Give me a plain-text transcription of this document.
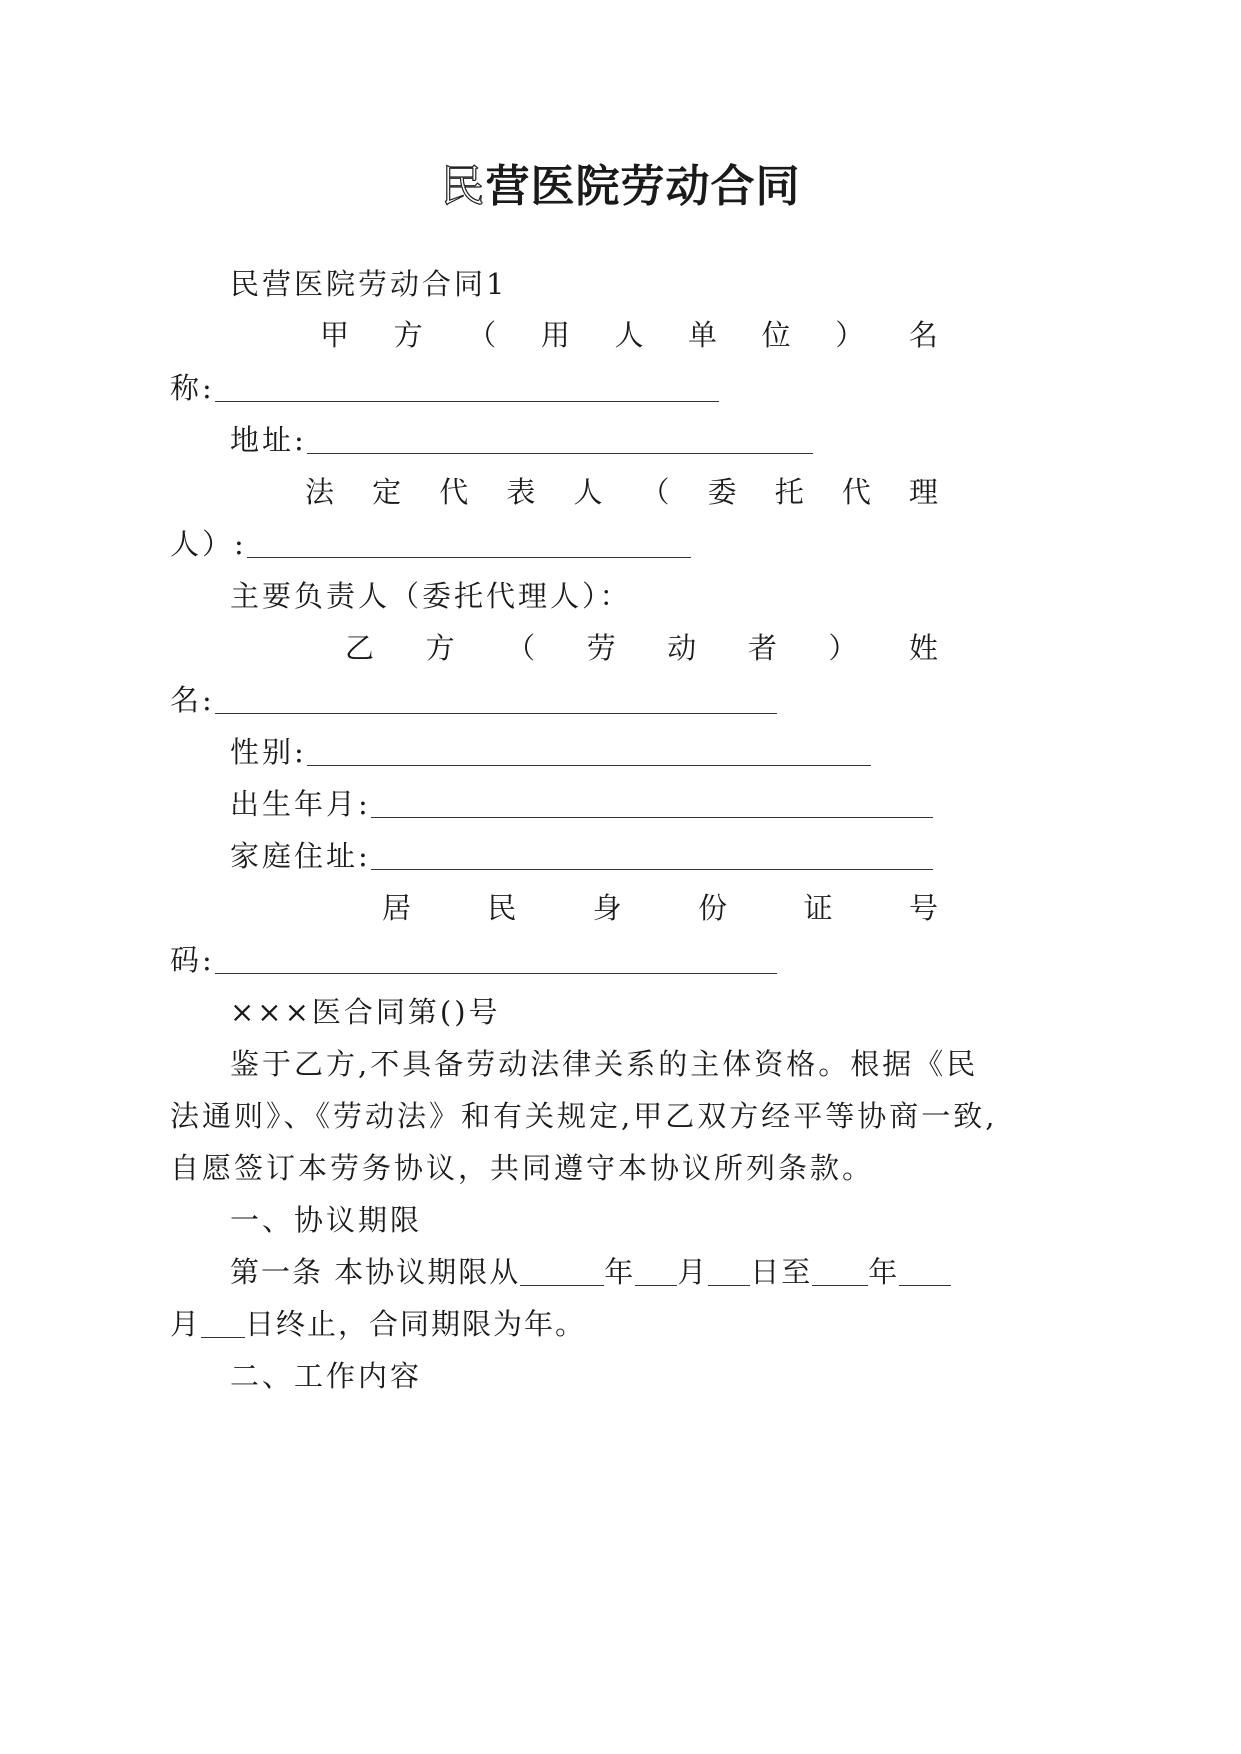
民营医院劳动合同
民营医院劳动合同1
甲 方 （ 用 人 单 位 ） 名
称:
地址:
法 定 代 表 人 （ 委 托 代 理
人）:
主要负责人（委托代理人）：
乙 方 （ 劳 动 者 ） 姓
名:
性别:
出生年月:
家庭住址:
居	民	身	份	证	号
码:
×××医合同第()号
鉴于乙方,不具备劳动法律关系的主体资格。根据《民
法通则》、《劳动法》和有关规定,甲乙双方经平等协商一致,
自愿签订本劳务协议，共同遵守本协议所列条款。
一、协议期限
第一条 本协议期限从	年 月 日至 年
月 日终止，合同期限为年。
二、工作内容
